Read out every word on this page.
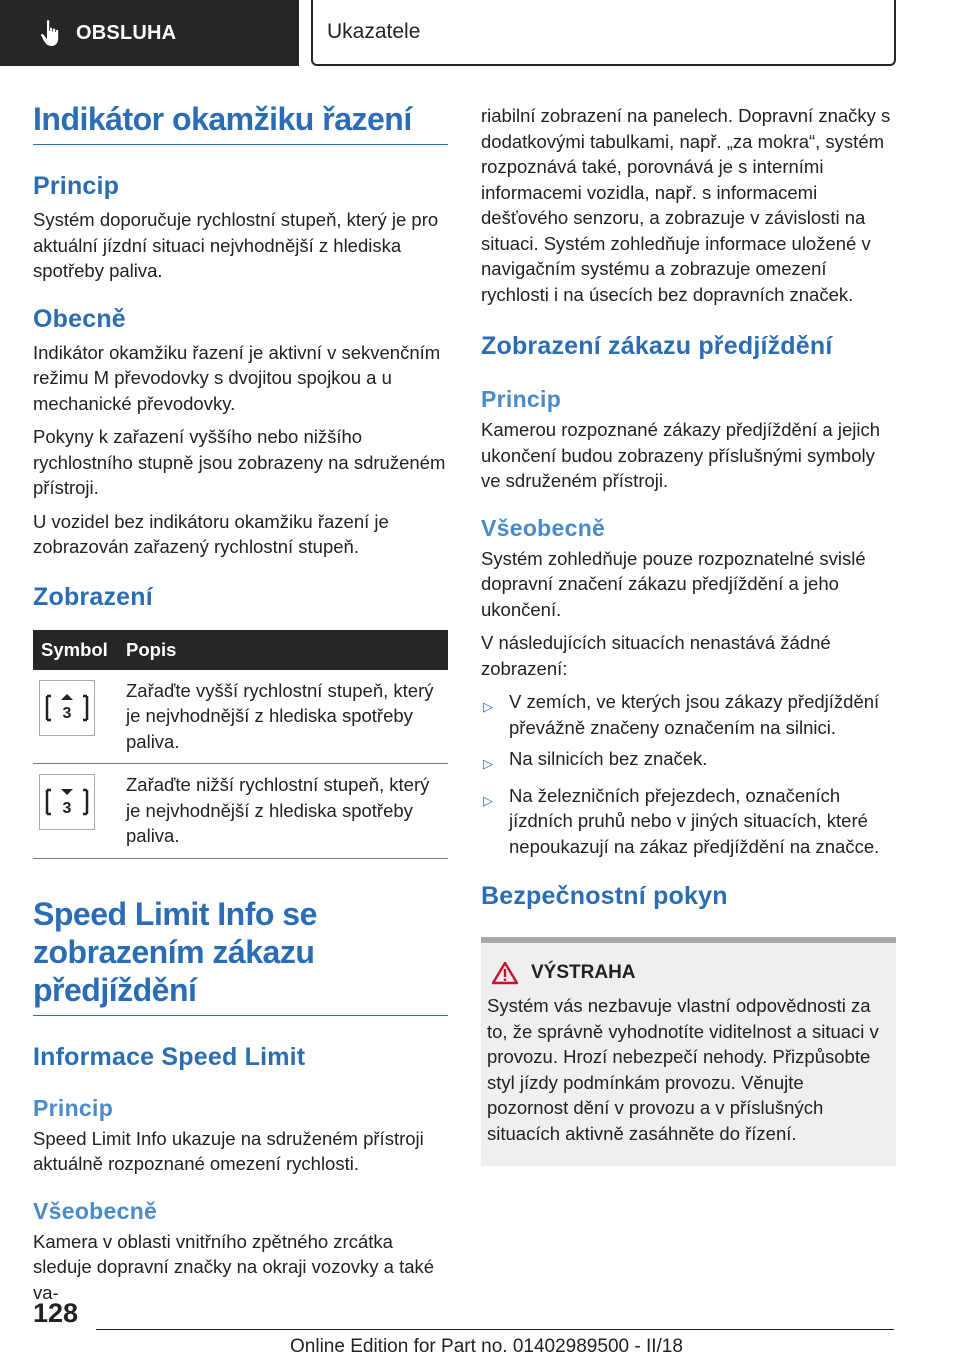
OBSLUHA	Ukazatele
Indikátor okamžiku řazení
Princip

Systém doporučuje rychlostní stupeň, který je pro aktuální jízdní situaci nejvhodnější z hlediska spotřeby paliva.

Obecně

Indikátor okamžiku řazení je aktivní v sekvenčním režimu M převodovky s dvojitou spojkou a u mechanické převodovky.

Pokyny k zařazení vyššího nebo nižšího rychlostního stupně jsou zobrazeny na sdruženém přístroji.

U vozidel bez indikátoru okamžiku řazení je zobrazován zařazený rychlostní stupeň.

Zobrazení
Symbol Popis
3
Zařaďte vyšší rychlostní stupeň, který je nejvhodnější z hlediska spotřeby paliva.
3
Zařaďte nižší rychlostní stupeň, který je nejvhodnější z hlediska spotřeby paliva.
Speed Limit Info se zobrazením zákazu předjíždění
Informace Speed Limit
Princip

Speed Limit Info ukazuje na sdruženém přístroji aktuálně rozpoznané omezení rychlosti.

Všeobecně

Kamera v oblasti vnitřního zpětného zrcátka sleduje dopravní značky na okraji vozovky a také va-

riabilní zobrazení na panelech. Dopravní značky s dodatkovými tabulkami, např. „za mokra“, systém rozpoznává také, porovnává je s interními informacemi vozidla, např. s informacemi dešťového senzoru, a zobrazuje v závislosti na situaci. Systém zohledňuje informace uložené v navigačním systému a zobrazuje omezení rychlosti i na úsecích bez dopravních značek.

Zobrazení zákazu předjíždění
Princip

Kamerou rozpoznané zákazy předjíždění a jejich ukončení budou zobrazeny příslušnými symboly ve sdruženém přístroji.

Všeobecně

Systém zohledňuje pouze rozpoznatelné svislé dopravní značení zákazu předjíždění a jeho ukončení.

V následujících situacích nenastává žádné zobrazení:

▷ V zemích, ve kterých jsou zákazy předjíždění převážně značeny označením na silnici.
▷ Na silnicích bez značek.
▷ Na železničních přejezdech, označeních jízdních pruhů nebo v jiných situacích, které nepoukazují na zákaz předjíždění na značce.
Bezpečnostní pokyn
VÝSTRAHA

Systém vás nezbavuje vlastní odpovědnosti za to, že správně vyhodnotíte viditelnost a situaci v provozu. Hrozí nebezpečí nehody. Přizpůsobte styl jízdy podmínkám provozu. Věnujte pozornost dění v provozu a v příslušných situacích aktivně zasáhněte do řízení.

128
Online Edition for Part no. 01402989500 - II/18
